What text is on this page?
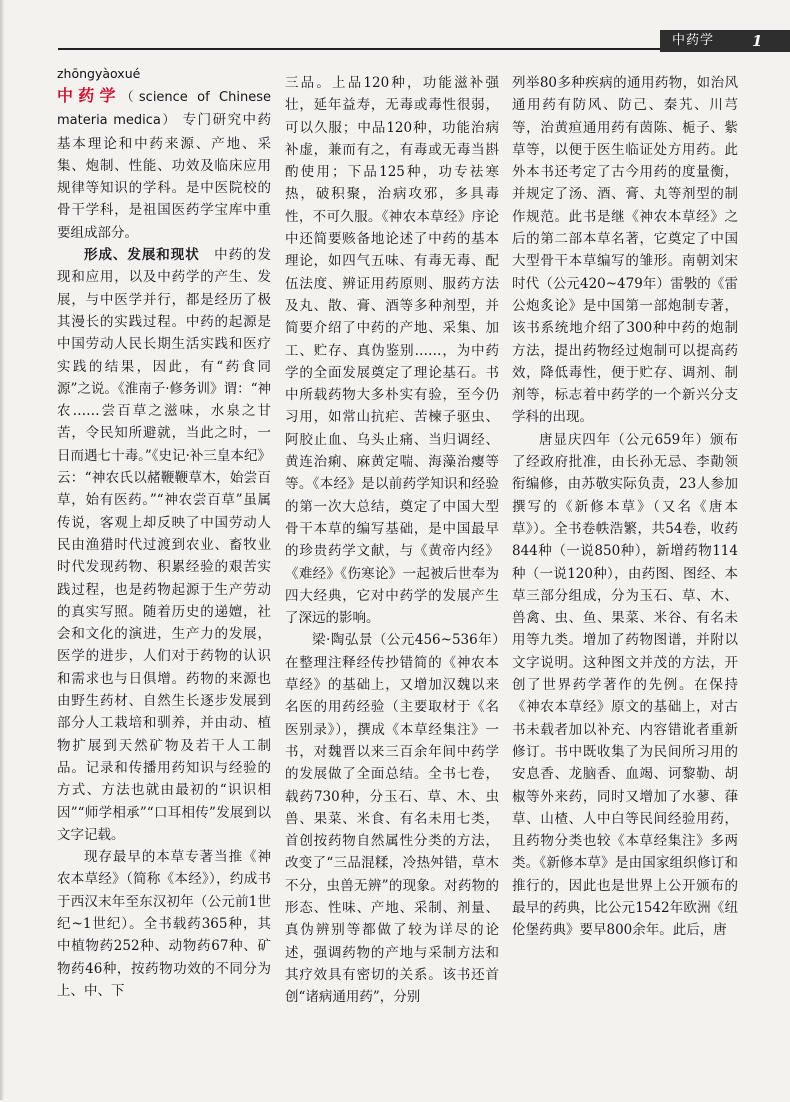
中药学	1

zhōngyàoxué

中药学（science of Chinese materia medica） 专门研究中药基本理论和中药来源、产地、采集、炮制、性能、功效及临床应用规律等知识的学科。是中医院校的骨干学科，是祖国医药学宝库中重要组成部分。

形成、发展和现状　 中药的发现和应用，以及中药学的产生、发展，与中医学并行，都是经历了极其漫长的实践过程。中药的起源是中国劳动人民长期生活实践和医疗实践的结果，因此，有“药食同源”之说。《淮南子·修务训》谓：“神农……尝百草之滋味，水泉之甘苦，令民知所避就，当此之时，一日而遇七十毒。”《史记·补三皇本纪》云：“神农氏以赭鞭鞭草木，始尝百草，始有医药。”“神农尝百草”虽属传说，客观上却反映了中国劳动人民由渔猎时代过渡到农业、畜牧业时代发现药物、积累经验的艰苦实践过程，也是药物起源于生产劳动的真实写照。随着历史的递嬗，社会和文化的演进，生产力的发展，医学的进步，人们对于药物的认识和需求也与日俱增。药物的来源也由野生药材、自然生长逐步发展到部分人工栽培和驯养，并由动、植物扩展到天然矿物及若干人工制品。记录和传播用药知识与经验的方式、方法也就由最初的“识识相因”“师学相承”“口耳相传”发展到以文字记载。

现存最早的本草专著当推《神农本草经》（简称《本经》），约成书于西汉末年至东汉初年（公元前1世纪~1世纪）。全书载药365种，其中植物药252种、动物药67种、矿物药46种，按药物功效的不同分为上、中、下

三品。上品120种，功能滋补强壮，延年益寿，无毒或毒性很弱，可以久服；中品120种，功能治病补虚，兼而有之，有毒或无毒当斟酌使用；下品125种，功专祛寒热，破积聚，治病攻邪，多具毒性，不可久服。《神农本草经》序论中还简要赅备地论述了中药的基本理论，如四气五味、有毒无毒、配伍法度、辨证用药原则、服药方法及丸、散、膏、酒等多种剂型，并简要介绍了中药的产地、采集、加工、贮存、真伪鉴别……，为中药学的全面发展奠定了理论基石。书中所载药物大多朴实有验，至今仍习用，如常山抗疟、苦楝子驱虫、阿胶止血、乌头止痛、当归调经、黄连治痢、麻黄定喘、海藻治瘿等等。《本经》是以前药学知识和经验的第一次大总结，奠定了中国大型骨干本草的编写基础，是中国最早的珍贵药学文献，与《黄帝内经》《难经》《伤寒论》一起被后世奉为四大经典，它对中药学的发展产生了深远的影响。

梁·陶弘景（公元456~536年）在整理注释经传抄错简的《神农本草经》的基础上，又增加汉魏以来名医的用药经验（主要取材于《名医别录》），撰成《本草经集注》一书，对魏晋以来三百余年间中药学的发展做了全面总结。全书七卷，载药730种，分玉石、草、木、虫兽、果菜、米食、有名未用七类，首创按药物自然属性分类的方法，改变了“三品混糅，冷热舛错，草木不分，虫兽无辨”的现象。对药物的形态、性味、产地、采制、剂量、真伪辨别等都做了较为详尽的论述，强调药物的产地与采制方法和其疗效具有密切的关系。该书还首创“诸病通用药”，分别

列举80多种疾病的通用药物，如治风通用药有防风、防己、秦艽、川芎等，治黄疸通用药有茵陈、栀子、紫草等，以便于医生临证处方用药。此外本书还考定了古今用药的度量衡，并规定了汤、酒、膏、丸等剂型的制作规范。此书是继《神农本草经》之后的第二部本草名著，它奠定了中国大型骨干本草编写的雏形。南朝刘宋时代（公元420~479年）雷斅的《雷公炮炙论》是中国第一部炮制专著，该书系统地介绍了300种中药的炮制方法，提出药物经过炮制可以提高药效，降低毒性，便于贮存、调剂、制剂等，标志着中药学的一个新兴分支学科的出现。

唐显庆四年（公元659年）颁布了经政府批准，由长孙无忌、李勣领衔编修，由苏敬实际负责，23人参加撰写的《新修本草》（又名《唐本草》）。全书卷帙浩繁，共54卷，收药844种（一说850种），新增药物114种（一说120种），由药图、图经、本草三部分组成，分为玉石、草、木、兽禽、虫、鱼、果菜、米谷、有名未用等九类。增加了药物图谱，并附以文字说明。这种图文并茂的方法，开创了世界药学著作的先例。在保持《神农本草经》原文的基础上，对古书未载者加以补充、内容错讹者重新修订。书中既收集了为民间所习用的安息香、龙脑香、血竭、诃黎勒、胡椒等外来药，同时又增加了水蓼、葎草、山楂、人中白等民间经验用药，且药物分类也较《本草经集注》多两类。《新修本草》是由国家组织修订和推行的，因此也是世界上公开颁布的最早的药典，比公元1542年欧洲《纽伦堡药典》要早800余年。此后，唐
